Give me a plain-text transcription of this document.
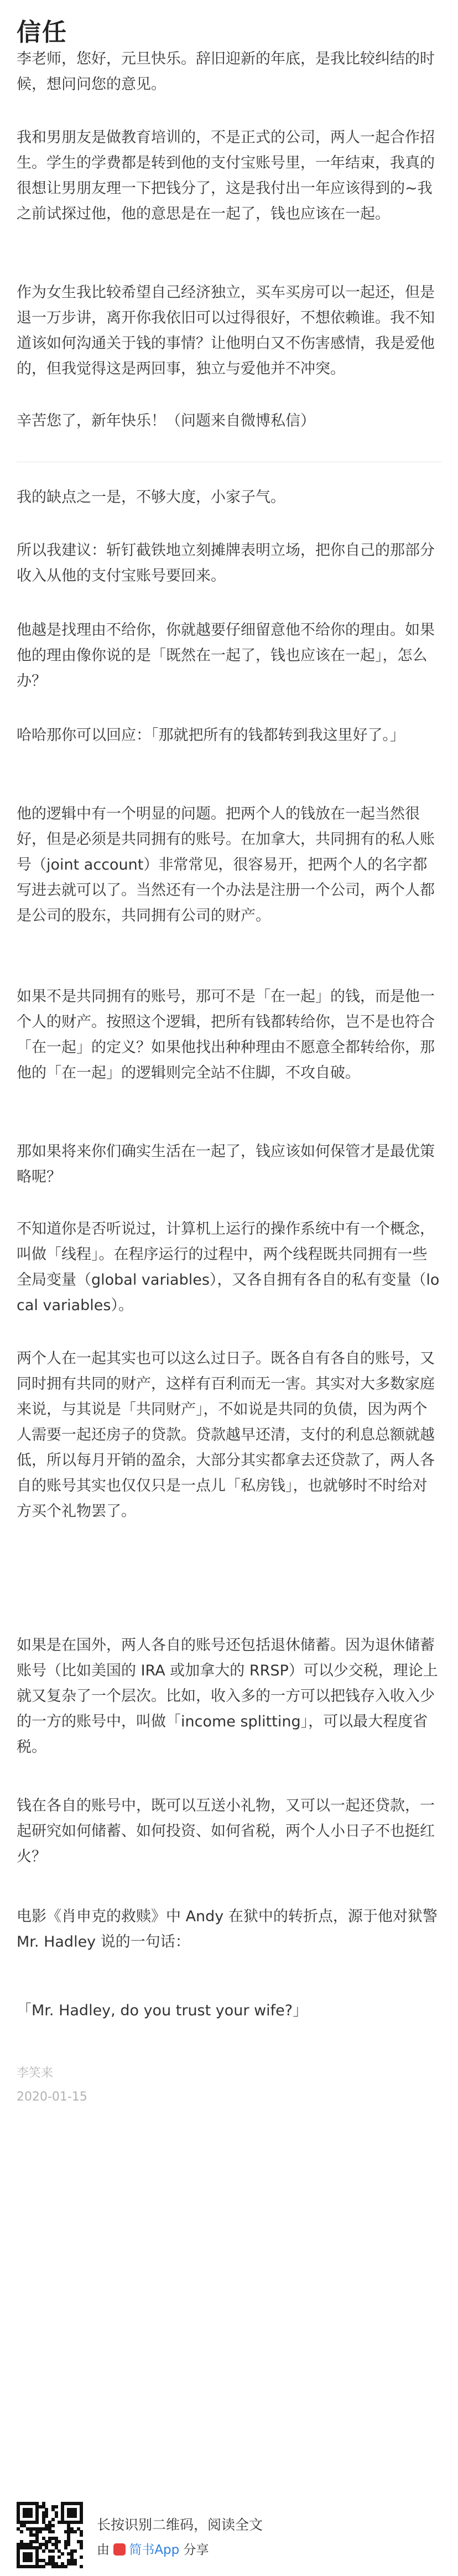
信任

李老师，您好，元旦快乐。辞旧迎新的年底，是我比较纠结的时候，想问问您的意见。

我和男朋友是做教育培训的，不是正式的公司，两人一起合作招生。学生的学费都是转到他的支付宝账号里，一年结束，我真的很想让男朋友理一下把钱分了，这是我付出一年应该得到的~我之前试探过他，他的意思是在一起了，钱也应该在一起。

作为女生我比较希望自己经济独立，买车买房可以一起还，但是退一万步讲，离开你我依旧可以过得很好，不想依赖谁。我不知道该如何沟通关于钱的事情？让他明白又不伤害感情，我是爱他的，但我觉得这是两回事，独立与爱他并不冲突。

辛苦您了，新年快乐！（问题来自微博私信）

我的缺点之一是，不够大度，小家子气。

所以我建议：斩钉截铁地立刻摊牌表明立场，把你自己的那部分收入从他的支付宝账号要回来。

他越是找理由不给你，你就越要仔细留意他不给你的理由。如果他的理由像你说的是「既然在一起了，钱也应该在一起」，怎么办？

哈哈那你可以回应：「那就把所有的钱都转到我这里好了。」

他的逻辑中有一个明显的问题。把两个人的钱放在一起当然很好，但是必须是共同拥有的账号。在加拿大，共同拥有的私人账号（joint account）非常常见，很容易开，把两个人的名字都写进去就可以了。当然还有一个办法是注册一个公司，两个人都是公司的股东，共同拥有公司的财产。

如果不是共同拥有的账号，那可不是「在一起」的钱，而是他一个人的财产。按照这个逻辑，把所有钱都转给你，岂不是也符合「在一起」的定义？如果他找出种种理由不愿意全都转给你，那他的「在一起」的逻辑则完全站不住脚，不攻自破。

那如果将来你们确实生活在一起了，钱应该如何保管才是最优策略呢？

不知道你是否听说过，计算机上运行的操作系统中有一个概念，叫做「线程」。在程序运行的过程中，两个线程既共同拥有一些全局变量（global variables），又各自拥有各自的私有变量（local variables）。

两个人在一起其实也可以这么过日子。既各自有各自的账号，又同时拥有共同的财产，这样有百利而无一害。其实对大多数家庭来说，与其说是「共同财产」，不如说是共同的负债，因为两个人需要一起还房子的贷款。贷款越早还清，支付的利息总额就越低，所以每月开销的盈余，大部分其实都拿去还贷款了，两人各自的账号其实也仅仅只是一点儿「私房钱」，也就够时不时给对方买个礼物罢了。

如果是在国外，两人各自的账号还包括退休储蓄。因为退休储蓄账号（比如美国的 IRA 或加拿大的 RRSP）可以少交税，理论上就又复杂了一个层次。比如，收入多的一方可以把钱存入收入少的一方的账号中，叫做「income splitting」，可以最大程度省税。

钱在各自的账号中，既可以互送小礼物，又可以一起还贷款，一起研究如何储蓄、如何投资、如何省税，两个人小日子不也挺红火？

电影《肖申克的救赎》中 Andy 在狱中的转折点，源于他对狱警 Mr. Hadley 说的一句话：

「Mr. Hadley, do you trust your wife?」

李笑来
2020-01-15
长按识别二维码，阅读全文
由 简书App 分享
